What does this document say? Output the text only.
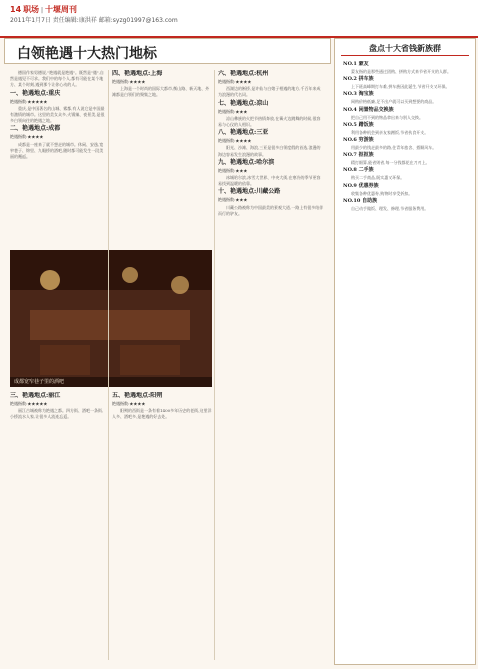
14 职场 | 十堰周刊
2011年1月7日 责任编辑:康洪祥 邮箱:syzg01997@163.com
白领艳遇十大热门地标

德国作家男德说,"艳遇就是艳遇"。既然是"遇",自然是遇见不可求。我们中的每个人,都有可能在某个地方、某个时刻,遇到那个让你心动的人。

一、艳遇地点:重庆

艳遇指数:★★★★★

重庆,是中国著名的山城、雾都,有人说它是中国最有激情的城市。这里的美女众多,火锅辣、夜景美,是很多白领向往的艳遇之地。

二、艳遇地点:成都

艳遇指数:★★★★

成都是一座来了就不想走的城市。休闲、安逸,宽窄巷子、锦里、九眼桥的酒吧,随时都可能发生一段美丽的邂逅。

四、艳遇地点:上海

艳遇指数:★★★★

上海是一个时尚的国际大都市,衡山路、新天地、外滩都是白领们的聚集之地。

成都宽窄巷子里的酒吧

三、艳遇地点:丽江

艳遇指数:★★★★★

丽江古城被称为艳遇之都。四方街、酒吧一条街,小桥流水人家,让很多人流连忘返。

五、艳遇地点:阳朔

艳遇指数:★★★★

阳朔的西街是一条有着1400多年历史的老街,这里洋人多、酒吧多,是艳遇的好去处。

六、艳遇地点:杭州

艳遇指数:★★★★

西湖边的断桥,是许仙与白娘子相遇的地方,千百年来成为浪漫的代名词。

七、艳遇地点:凉山

艳遇指数:★★★

凉山彝族的火把节热情奔放,在篝火边跳舞的时候,很容易与心仪的人相识。

八、艳遇地点:三亚

艳遇指数:★★★★

阳光、沙滩、海浪,三亚是很多白领度假的首选,浪漫的海边容易发生浪漫的故事。

九、艳遇地点:哈尔滨

艳遇指数:★★★

冰城哈尔滨,冰雪大世界、中央大街,在寒冷的季节更容易找到温暖的依靠。

十、艳遇地点:川藏公路

艳遇指数:★★★

川藏公路被称为中国最美的景观大道,一路上有很多结伴而行的驴友。

盘点十大省钱新族群

NO.1 蒙友

蒙友指的是那些通过团购、拼购方式来节省开支的人群。

NO.2 拼车族

上下班高峰期打车难,拼车族因此诞生,节省开支又环保。

NO.3 淘宝族

网购价格低廉,足不出户就可以买到想要的商品。

NO.4 闲置物品交换族

把自己用不到的物品拿出来与别人交换。

NO.5 蹭饭族

利用各种机会到亲友家蹭饭,节省伙食开支。

NO.6 穷游族

用最少的钱走最多的路,住青年旅舍、搭顺风车。

NO.7 抠抠族

精打细算,能省则省,每一分钱都花在刀刃上。

NO.8 二手族

购买二手商品,既实惠又环保。

NO.9 优惠券族

收集各种优惠券,购物时享受折扣。

NO.10 自助族

自己动手做饭、理发、修理,节省服务费用。
